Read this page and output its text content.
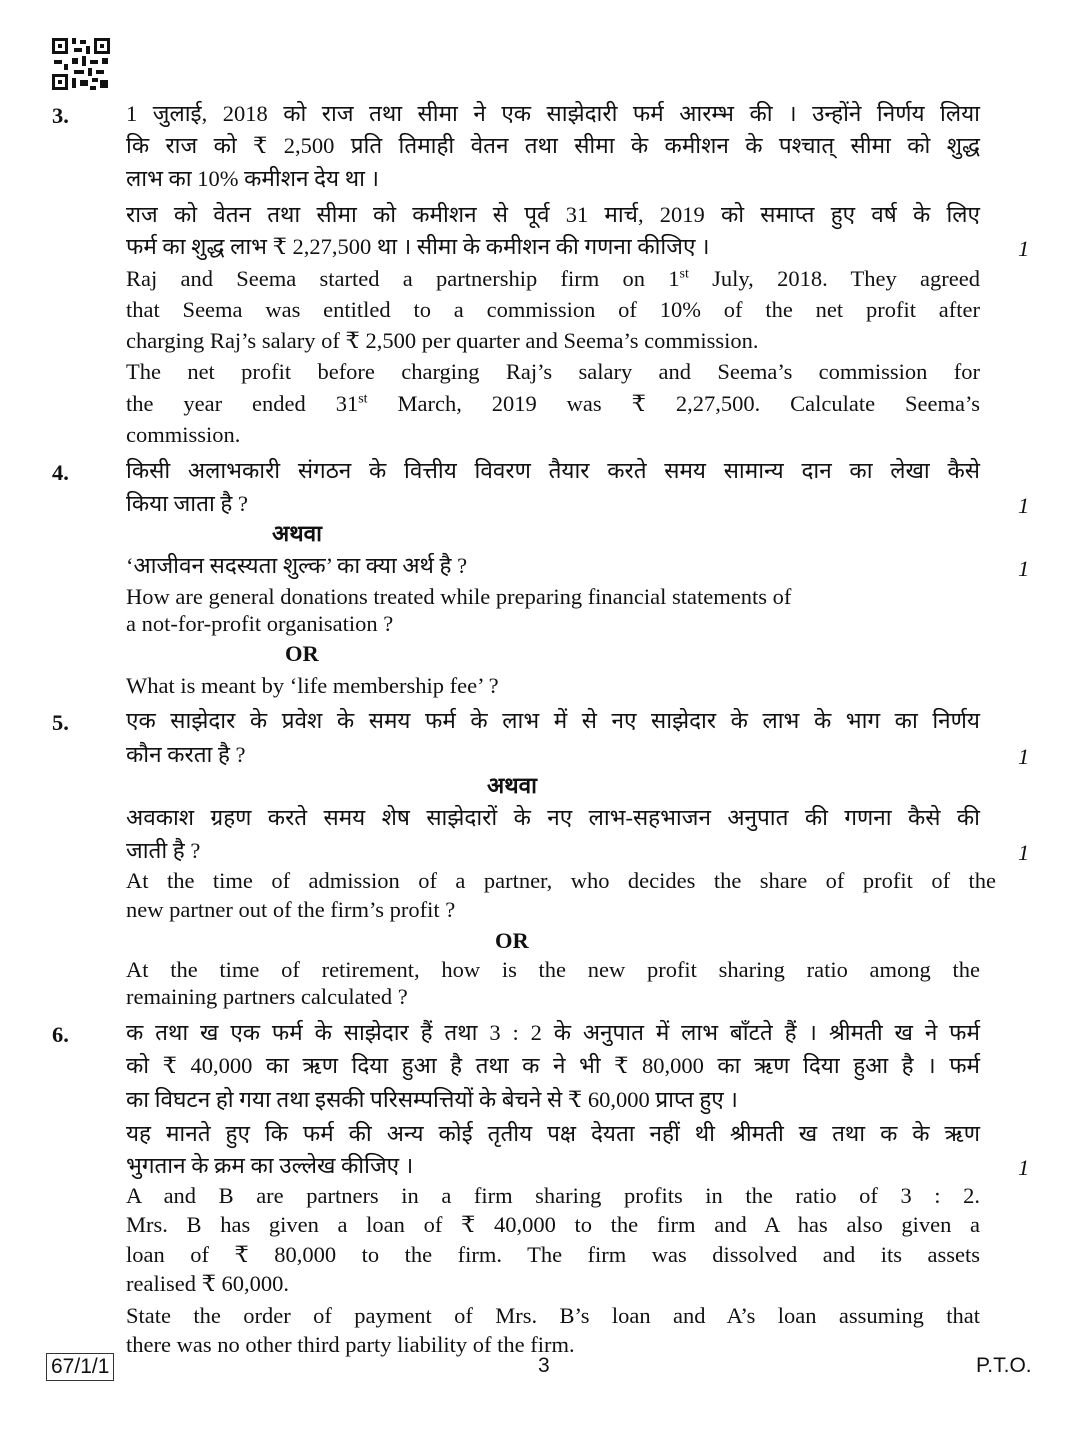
3.	1 जुलाई, 2018 को राज तथा सीमा ने एक साझेदारी फर्म आरम्भ की । उन्होंने निर्णय लिया
कि राज को ₹ 2,500 प्रति तिमाही वेतन तथा सीमा के कमीशन के पश्चात् सीमा को शुद्ध
लाभ का 10% कमीशन देय था ।
राज को वेतन तथा सीमा को कमीशन से पूर्व 31 मार्च, 2019 को समाप्त हुए वर्ष के लिए
फर्म का शुद्ध लाभ ₹ 2,27,500 था । सीमा के कमीशन की गणना कीजिए ।	1
Raj and Seema started a partnership firm on 1st July, 2018. They agreed
that Seema was entitled to a commission of 10% of the net profit after
charging Raj’s salary of ₹ 2,500 per quarter and Seema’s commission.
The net profit before charging Raj’s salary and Seema’s commission for
the year ended 31st March, 2019 was ₹ 2,27,500. Calculate Seema’s
commission.
4.	किसी अलाभकारी संगठन के वित्तीय विवरण तैयार करते समय सामान्य दान का लेखा कैसे
किया जाता है ?	1
अथवा
‘आजीवन सदस्यता शुल्क’ का क्या अर्थ है ?	1
How are general donations treated while preparing financial statements of
a not-for-profit organisation ?
OR
What is meant by ‘life membership fee’ ?
5.	एक साझेदार के प्रवेश के समय फर्म के लाभ में से नए साझेदार के लाभ के भाग का निर्णय
कौन करता है ?	1
अथवा
अवकाश ग्रहण करते समय शेष साझेदारों के नए लाभ-सहभाजन अनुपात की गणना कैसे की
जाती है ?	1
At the time of admission of a partner, who decides the share of profit of the
new partner out of the firm’s profit ?
OR
At the time of retirement, how is the new profit sharing ratio among the
remaining partners calculated ?
6.	क तथा ख एक फर्म के साझेदार हैं तथा 3 : 2 के अनुपात में लाभ बाँटते हैं । श्रीमती ख ने फर्म
को ₹ 40,000 का ऋण दिया हुआ है तथा क ने भी ₹ 80,000 का ऋण दिया हुआ है । फर्म
का विघटन हो गया तथा इसकी परिसम्पत्तियों के बेचने से ₹ 60,000 प्राप्त हुए ।
यह मानते हुए कि फर्म की अन्य कोई तृतीय पक्ष देयता नहीं थी श्रीमती ख तथा क के ऋण
भुगतान के क्रम का उल्लेख कीजिए ।	1
A and B are partners in a firm sharing profits in the ratio of 3 : 2.
Mrs. B has given a loan of ₹ 40,000 to the firm and A has also given a
loan of ₹ 80,000 to the firm. The firm was dissolved and its assets
realised ₹ 60,000.
State the order of payment of Mrs. B’s loan and A’s loan assuming that
there was no other third party liability of the firm.
67/1/1	3	P.T.O.
